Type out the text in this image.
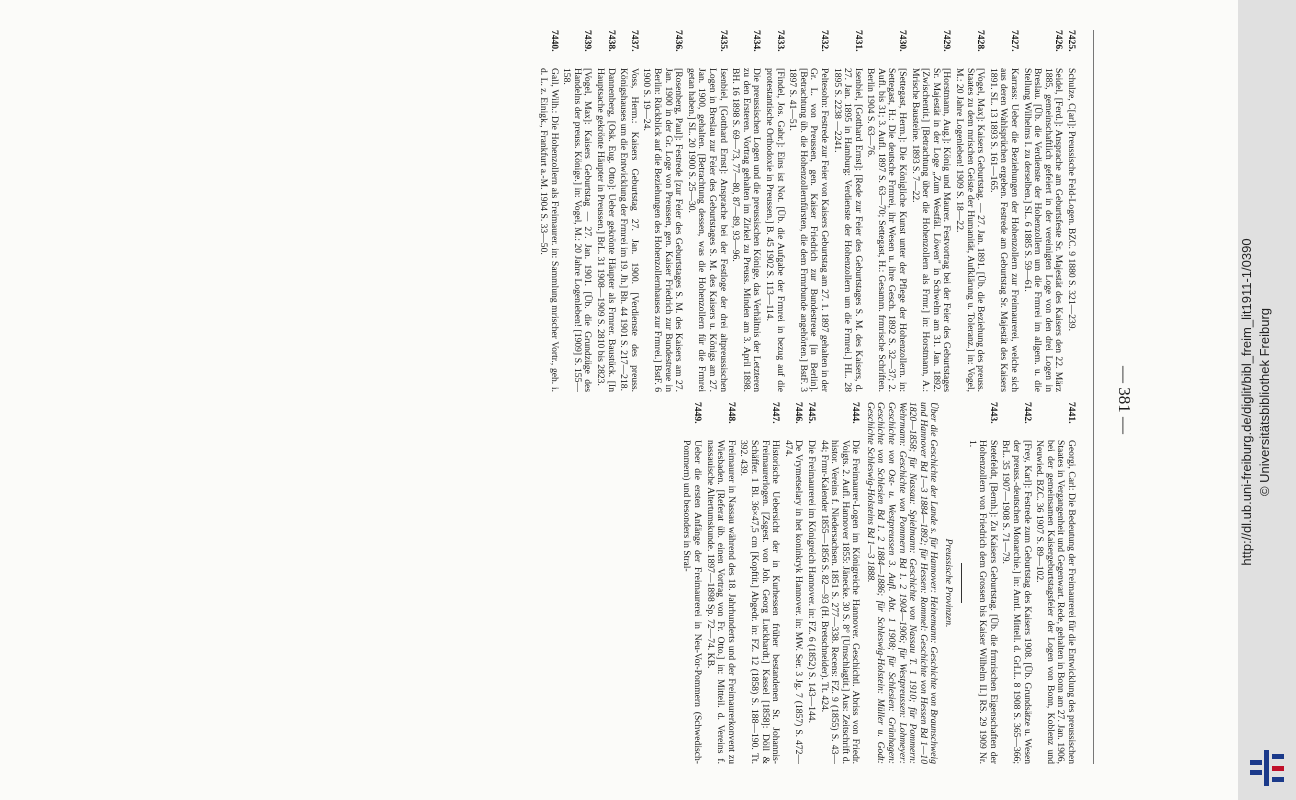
— 381 —
7425.
Schulze, C[arl]: Preussische Feld-Logen. BZC. 9 1880 S. 321—239.
7426.
Seidel, [Ferd.]: Ansprache am Geburtsfeste Sr. Majestät des Kaisers den 22. März 1885, gemeinschaftlich gefeiert in der vereinigten Loge von den drei Logen in Breslau. [Üb. die Verdienste der Hohenzollern um die Frmrei im allgem. u. die Stellung Wilhelms I. zu derselben.] SL. 6 1885 S. 59—61.
7427.
Karrass: Ueber die Beziehungen der Hohenzollern zur Freimaurerei, welche sich aus deren Wahlsprüchen ergeben. Festrede am Geburtstag Sr. Majestät des Kaisers 1891. SL. 13 1893 S. 161—165.
7428.
[Vogel, Max]: Kaisers Geburtstag. — 27. Jan. 1891. [Üb. die Beziehung des preuss. Staates zu dem mrischen Geiste der Humanität, Aufklärung u. Toleranz.] in: Vogel, M.: 20 Jahre Logenleben! 1909 S. 18—22.
7429.
[Horstmann, Aug.]: König und Maurer. Festvortrag bei der Feier des Geburtstages Sr. Majestät in der Loge „Zum Westfäl. Löwen" in Schwelm am 31. Jan. 1892. [Zwischentit.] [Betrachtung über die Hohenzollern als Frmr.] in: Horstmann, A.: Mrische Bausteine. 1893 S. 7—22.
7430.
[Settegast, Herm.]: Die Königliche Kunst unter der Pflege der Hohenzollern. in: Settegast, H.: Die deutsche Frmrei, ihr Wesen u. ihre Gesch. 1892 S. 32—37; 2. Aufl. bis 31; 3. Aufl. 1897 S. 63—70; Settegast, H.: Gesamm. frmrische Schriften. Berlin 1904 S. 63—76.
7431.
Isenbiel, [Gotthard Ernst]: [Rede zur Feier des Geburtstages S. M. des Kaisers, d. 27. Jan. 1895 in Hamburg: Verdienste der Hohenzollern um die Frmrei.] HL. 28 1895 S. 2238 —2241.
7432.
Peltesohn: Festrede zur Feier von Kaisers Geburtstag am 27. 1. 1897 gehalten in der Gr. L. von Preussen, gen. Kaiser Friedrich zur Bundestreue [in Berlin]. [Betrachtung üb. die Hohenzollernfürsten, die dem Frmrbunde angehörten.] BstF. 3 1897 S. 41—51.
7433.
[Findel, Jos. Gabr.]: Eins ist Not. [Üb. die Aufgabe der Frmrei in bezug auf die protestantische Orthodoxie in Preussen.] B. 45 1902 S. 113—114.
7434.
Die preussischen Logen und die preussischen Könige, das Verhältnis der Letzteren zu den Ersteren. Vortrag gehalten im Zirkel zu Preuss. Minden am 3. April 1898. BH. 16 1898 S. 69—73, 77—80, 87—89, 93—96.
7435.
Isenbiel, [Gotthard Ernst]: Ansprache bei der Festloge der drei altpreussischen Logen in Breslau zur Feier des Geburtstages S. M. des Kaisers u. Königs am 27. Jan. 1900, gehalten. [Betrachtung dessen, was die Hohenzollern für die Frmrei getan haben.] SL. 20 1900 S. 25—30.
7436.
[Rosenberg, Paul]: Festrede [zur Feier des Geburtstages S. M. des Kaisers am 27. Jan. 1900 in der Gr. Loge von Preussen, gen. Kaiser Friedrich zur Bundestreue in Berlin: Rückblick auf die Beziehungen des Hohenzollernhauses zur Frmrei.] BstF. 6 1900 S. 19—24.
7437.
Voss, Herm.: Kaisers Geburtstag 27. Jan. 1900. [Verdienste des preuss. Königshauses um die Entwicklung der Frmrei im 19. Jh.] Bh. 44 1901 S. 217—218.
7438.
Dannenberg, [Osk. Eug. Otto]: Ueber gekrönte Häupter als Frmrer. Baustück. [In Hauptsache gekrönte Häupter in Preussen.] BrL. 31 1908—1909 S. 2810 bis 2823.
7439.
[Vogel, Max]: Kaisers Geburtstag — 27. Jan. 1901. [Üb. die Grundzüge des Handelns der preuss. Könige.] in: Vogel, M.: 20 Jahre Logenleben! [1909] S. 155—158.
7440.
Gall, Wilh.: Die Hohenzollern als Freimaurer. in: Sammlung mrischer Vortr., geh. i. d. L. z. Einigk., Frankfurt a.-M. 1904 S. 33—50.
7441.
Georgi, Carl: Die Bedeutung der Freimaurerei für die Entwicklung des preussischen Staates in Vergangenheit und Gegenwart. Rede, gehalten in Bonn am 27. Jan. 1906, bei der gemeinsamen Kaisergeburtstagsfeier der Logen von Bonn, Koblenz und Neuwied. BZC. 36 1907 S. 89—102.
7442.
[Frey, Karl]: Festrede zum Geburtstag des Kaisers 1908. [Üb. Grundsätze u. Wesen der preuss.-deutschen Monarchie.] in: Amtl. Mittell. d. GrLL. 8 1908 S. 365—366; BrL. 35 1907—1908 S. 71—79.
7443.
Stetefeldt, [Bernh.]: Zu Kaisers Geburtstag. [Üb. die frmrischen Eigenschaften der Hohenzollern von Friedrich dem Grossen bis Kaiser Wilhelm II.] RS. 29 1909 Nr. 1.
Preussische Provinzen.
Über die Geschichte der Lande s. für Hannover: Heinemann: Geschichte von Braunschweig und Hannover Bd 1—3 1884—1892; für Hessen: Rommel: Geschichte von Hessen Bd 1—10 1820—1858; für Nassau: Spielmann: Geschichte von Nassau T. 1 1910; für Pommern: Wehrmann: Geschichte von Pommern Bd 1. 2 1904—1906; für Westpreussen: Lohmeyer: Geschichte von Ost- u. Westpreussen 3. Aufl. Abt. 1 1908; für Schlesien: Grünhagen: Geschichte von Schlesien Bd 1. 2 1884—1886; für Schleswig-Holstein: Müller u. Godt: Geschichte Schleswig-Holsteins Bd 1—3 1888.
7444.
Die Freimaurer-Logen im Königreiche Hannover. Geschichtl. Abriss von Friedr. Voigts. 2. Aufl. Hannover 1855: Jänecke. 30 S. 8° [Umschlagtit.] Aus: Zeitschrift d. histor. Vereins f. Niedersachsen. 1851 S. 277—338. Recens: FZ. 9 (1855) S. 43—44; Frmr-Kalender 1855—1856 S. 82—93 (H. Bretschneider). Tt. 424.
7445.
Die Freimaurerei im Königreich Hannover. in: FZ. 6 (1852) S. 143—144.
7446.
De Vrymetselary in het koninkryk Hannover. in: MW. Ser. 3 Jg. 7 (1857) S. 472—474.
7447.
Historische Uebersicht der in Kurhessen früher bestandenen St. Johannis-Freimaurerlogen. [Zsgest. von Joh. Georg Luckhardt.] Kassel [1858]: Döll & Schäffer. 1 Bl. 36×47,5 cm [Kopftit.] Abgedr. in: FZ. 12 (1858) S. 188—190. Tt. 392. 439.
7448.
Freimaurer in Nassau während des 18. Jahrhunderts und der Freimaurerkonvent zu Wiesbaden. [Referat üb. einen Vortrag von Fr. Otto.] in: Mitteil. d. Vereins f. nassauische Altertumskunde. 1897—1898 Sp. 72—74. KB.
7449.
Ueber die ersten Anfänge der Freimaurerei in Neu-Vor-Pommern (Schwedisch-Pommern) und besonders in Stral-	http://dl.ub.uni-freiburg.de/diglit/bibl_freim_lit1911-1/0390 © Universitätsbibliothek Freiburg
